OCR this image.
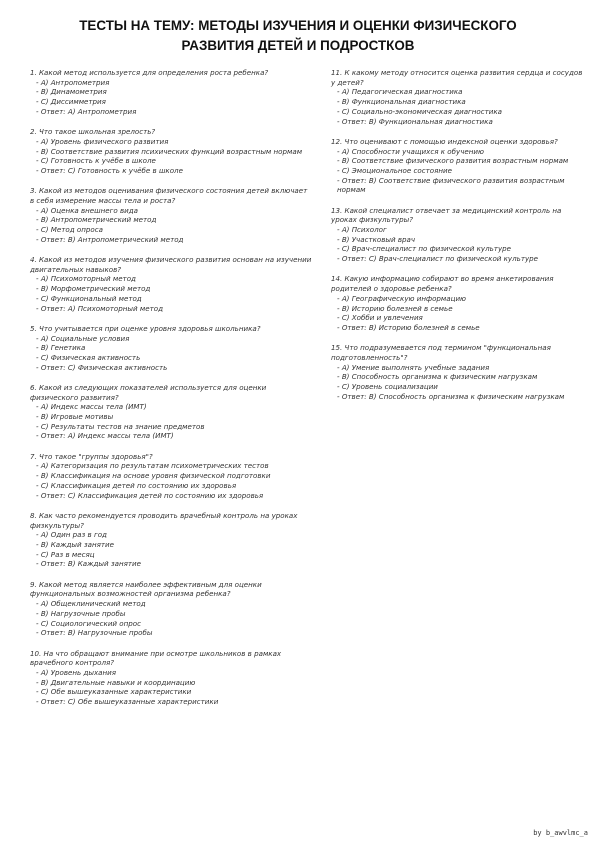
ТЕСТЫ НА ТЕМУ: МЕТОДЫ ИЗУЧЕНИЯ И ОЦЕНКИ ФИЗИЧЕСКОГО
РАЗВИТИЯ ДЕТЕЙ И ПОДРОСТКОВ
1. Какой метод используется для определения роста ребенка?
- A) Антропометрия
- B) Динамометрия
- C) Диссимметрия
- Ответ: A) Антропометрия
2. Что такое школьная зрелость?
- A) Уровень физического развития
- B) Соответствие развития психических функций возрастным нормам
- C) Готовность к учёбе в школе
- Ответ: C) Готовность к учёбе в школе
3. Какой из методов оценивания физического состояния детей включает в себя измерение массы тела и роста?
- A) Оценка внешнего вида
- B) Антропометрический метод
- C) Метод опроса
- Ответ: B) Антропометрический метод
4. Какой из методов изучения физического развития основан на изучении двигательных навыков?
- A) Психомоторный метод
- B) Морфометрический метод
- C) Функциональный метод
- Ответ: A) Психомоторный метод
5. Что учитывается при оценке уровня здоровья школьника?
- A) Социальные условия
- B) Генетика
- C) Физическая активность
- Ответ: C) Физическая активность
6. Какой из следующих показателей используется для оценки физического развития?
- A) Индекс массы тела (ИМТ)
- B) Игровые мотивы
- C) Результаты тестов на знание предметов
- Ответ: A) Индекс массы тела (ИМТ)
7. Что такое "группы здоровья"?
- A) Категоризация по результатам психометрических тестов
- B) Классификация на основе уровня физической подготовки
- C) Классификация детей по состоянию их здоровья
- Ответ: C) Классификация детей по состоянию их здоровья
8. Как часто рекомендуется проводить врачебный контроль на уроках физкультуры?
- A) Один раз в год
- B) Каждый занятие
- C) Раз в месяц
- Ответ: B) Каждый занятие
9. Какой метод является наиболее эффективным для оценки функциональных возможностей организма ребенка?
- A) Общеклинический метод
- B) Нагрузочные пробы
- C) Социологический опрос
- Ответ: B) Нагрузочные пробы
10. На что обращают внимание при осмотре школьников в рамках врачебного контроля?
- A) Уровень дыхания
- B) Двигательные навыки и координацию
- C) Обе вышеуказанные характеристики
- Ответ: C) Обе вышеуказанные характеристики
11. К какому методу относится оценка развития сердца и сосудов у детей?
- A) Педагогическая диагностика
- B) Функциональная диагностика
- C) Социально-экономическая диагностика
- Ответ: B) Функциональная диагностика
12. Что оценивают с помощью индексной оценки здоровья?
- A) Способности учащихся к обучению
- B) Соответствие физического развития возрастным нормам
- C) Эмоциональное состояние
- Ответ: B) Соответствие физического развития возрастным нормам
13. Какой специалист отвечает за медицинский контроль на уроках физкультуры?
- A) Психолог
- B) Участковый врач
- C) Врач-специалист по физической культуре
- Ответ: C) Врач-специалист по физической культуре
14. Какую информацию собирают во время анкетирования родителей о здоровье ребенка?
- A) Географическую информацию
- B) Историю болезней в семье
- C) Хобби и увлечения
- Ответ: B) Историю болезней в семье
15. Что подразумевается под термином "функциональная подготовленность"?
- A) Умение выполнять учебные задания
- B) Способность организма к физическим нагрузкам
- C) Уровень социализации
- Ответ: B) Способность организма к физическим нагрузкам
by b_awvlmc_a
